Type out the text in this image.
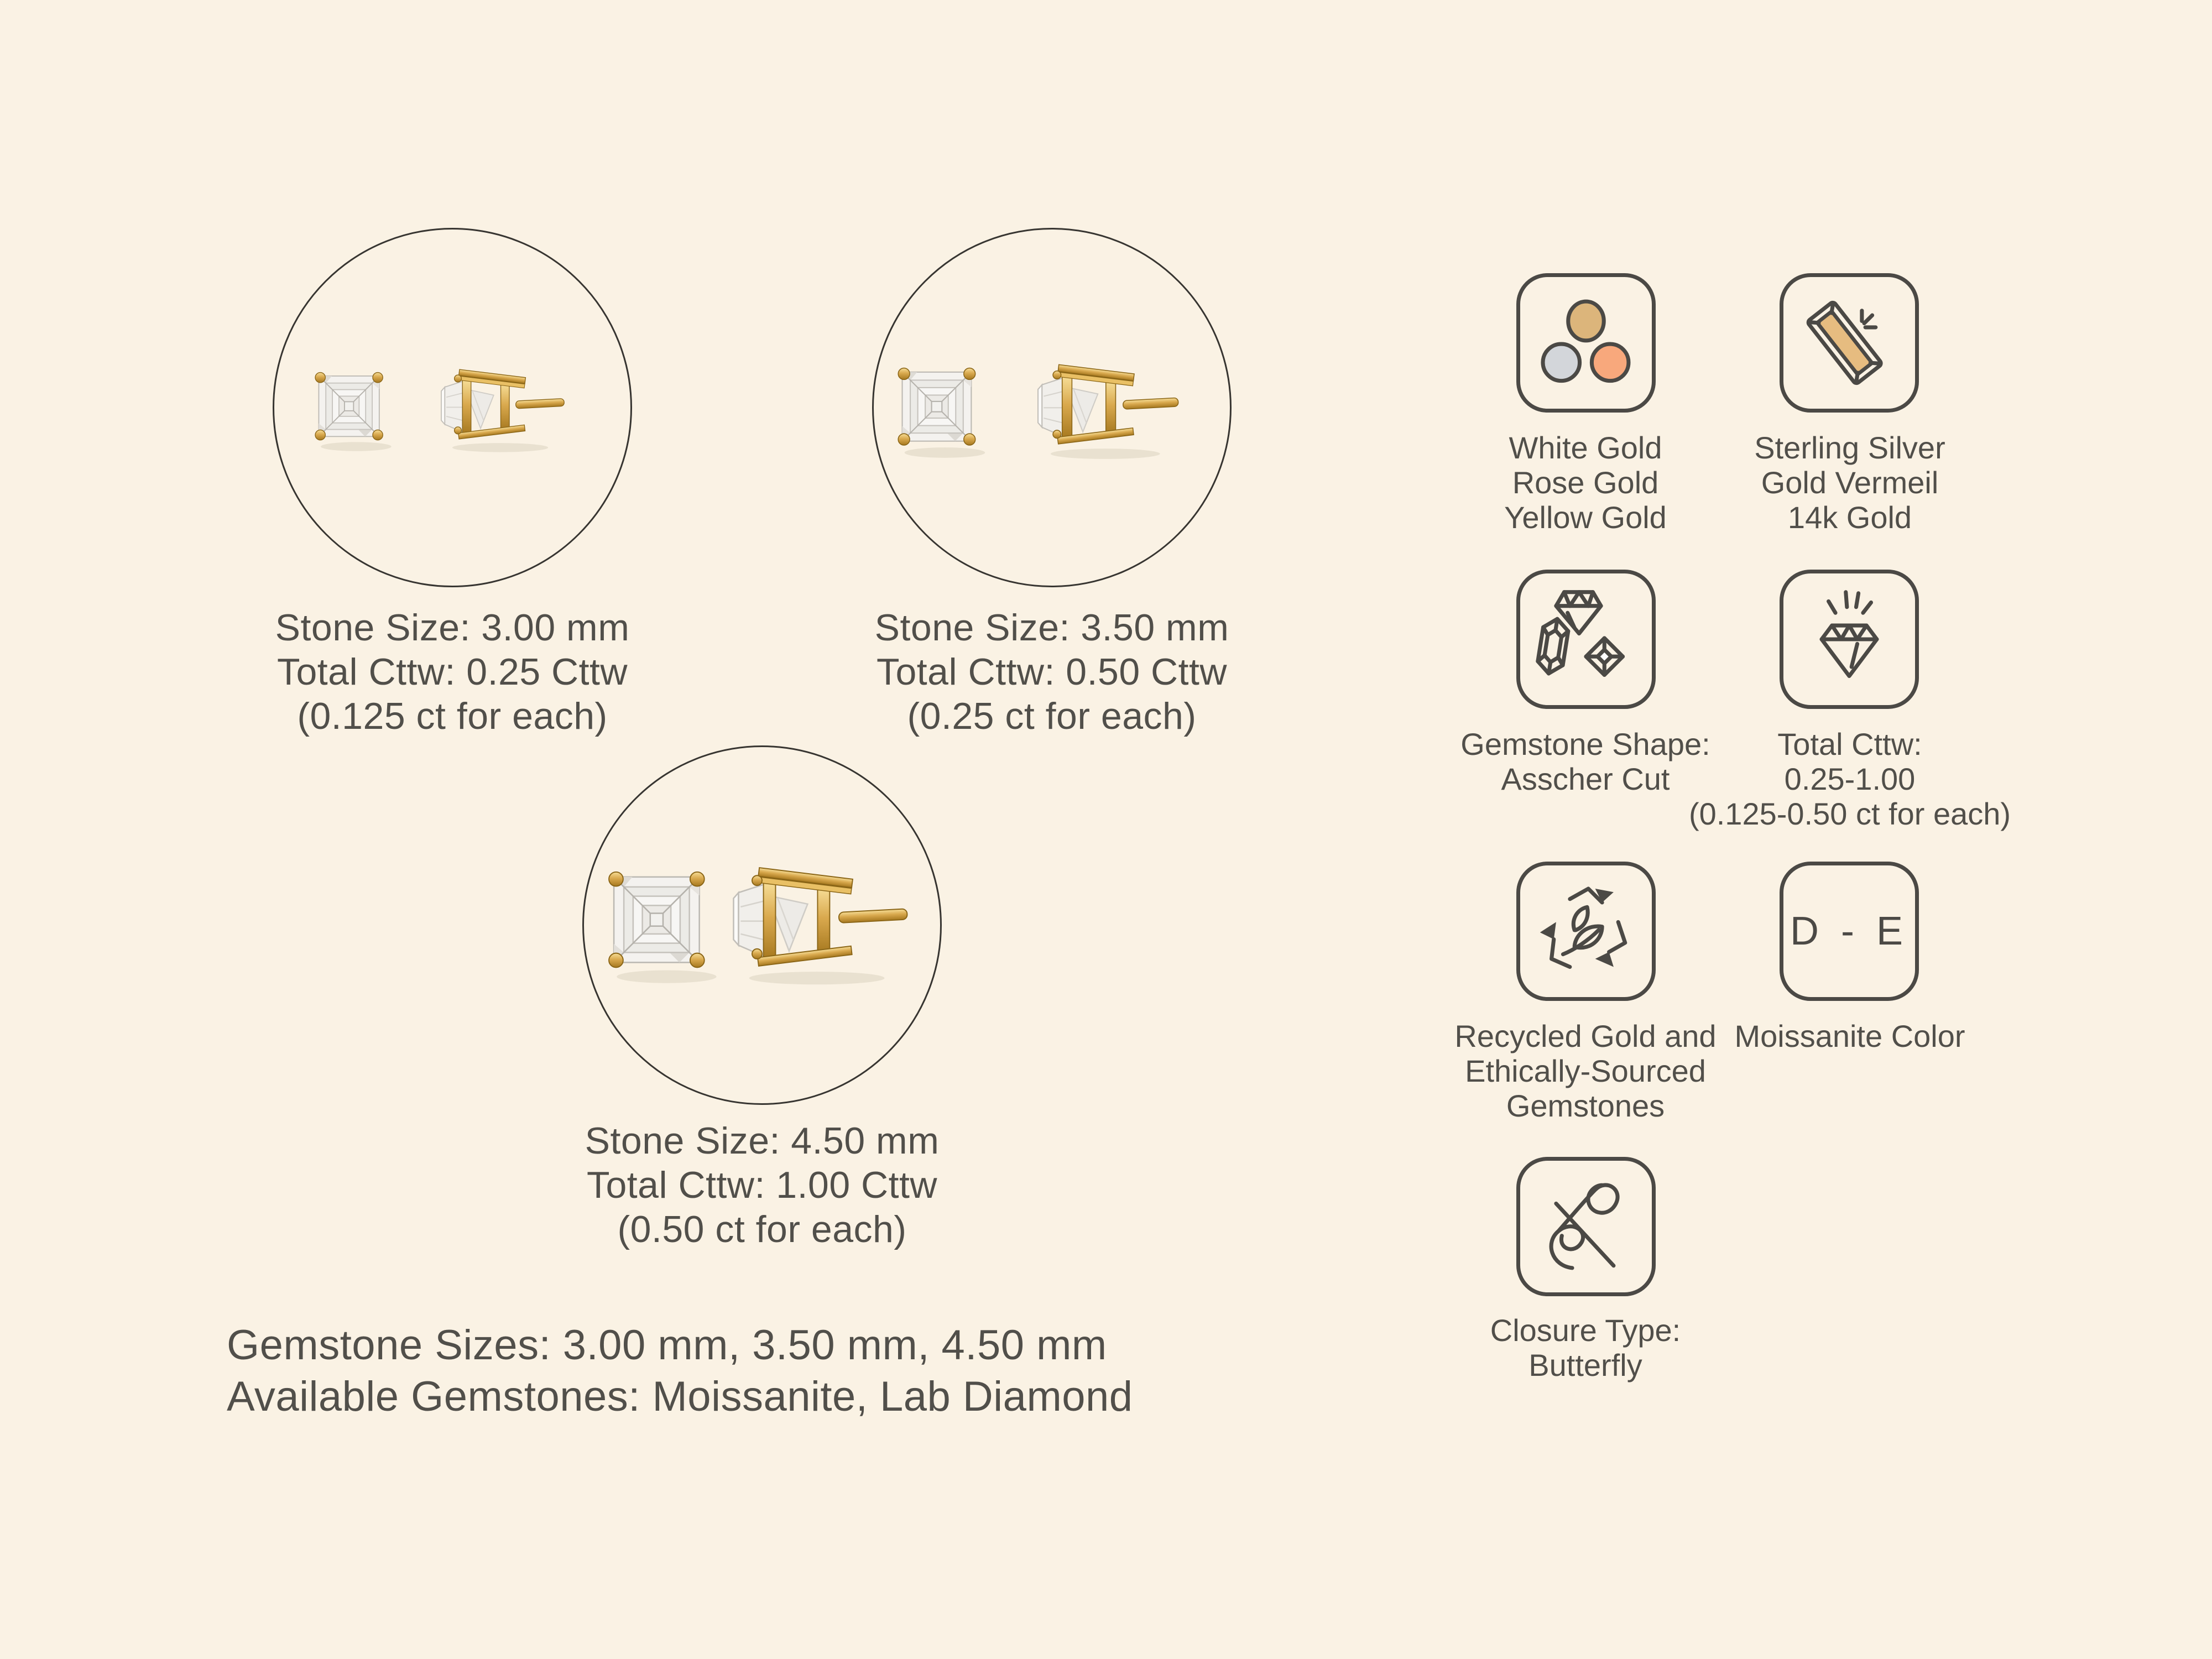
Stone Size: 3.00 mm
Total Cttw: 0.25 Cttw
(0.125 ct for each)
Stone Size: 3.50 mm
Total Cttw: 0.50 Cttw
(0.25 ct for each)
Stone Size: 4.50 mm
Total Cttw: 1.00 Cttw
(0.50 ct for each)
Gemstone Sizes: 3.00 mm, 3.50 mm, 4.50 mm
Available Gemstones: Moissanite, Lab Diamond
White Gold
Rose Gold
Yellow Gold
Sterling Silver
Gold Vermeil
14k Gold
Gemstone Shape:
Asscher Cut
Total Cttw:
0.25-1.00
(0.125-0.50 ct for each)
Recycled Gold and
Ethically-Sourced
Gemstones
D - E
Moissanite Color
Closure Type:
Butterfly
